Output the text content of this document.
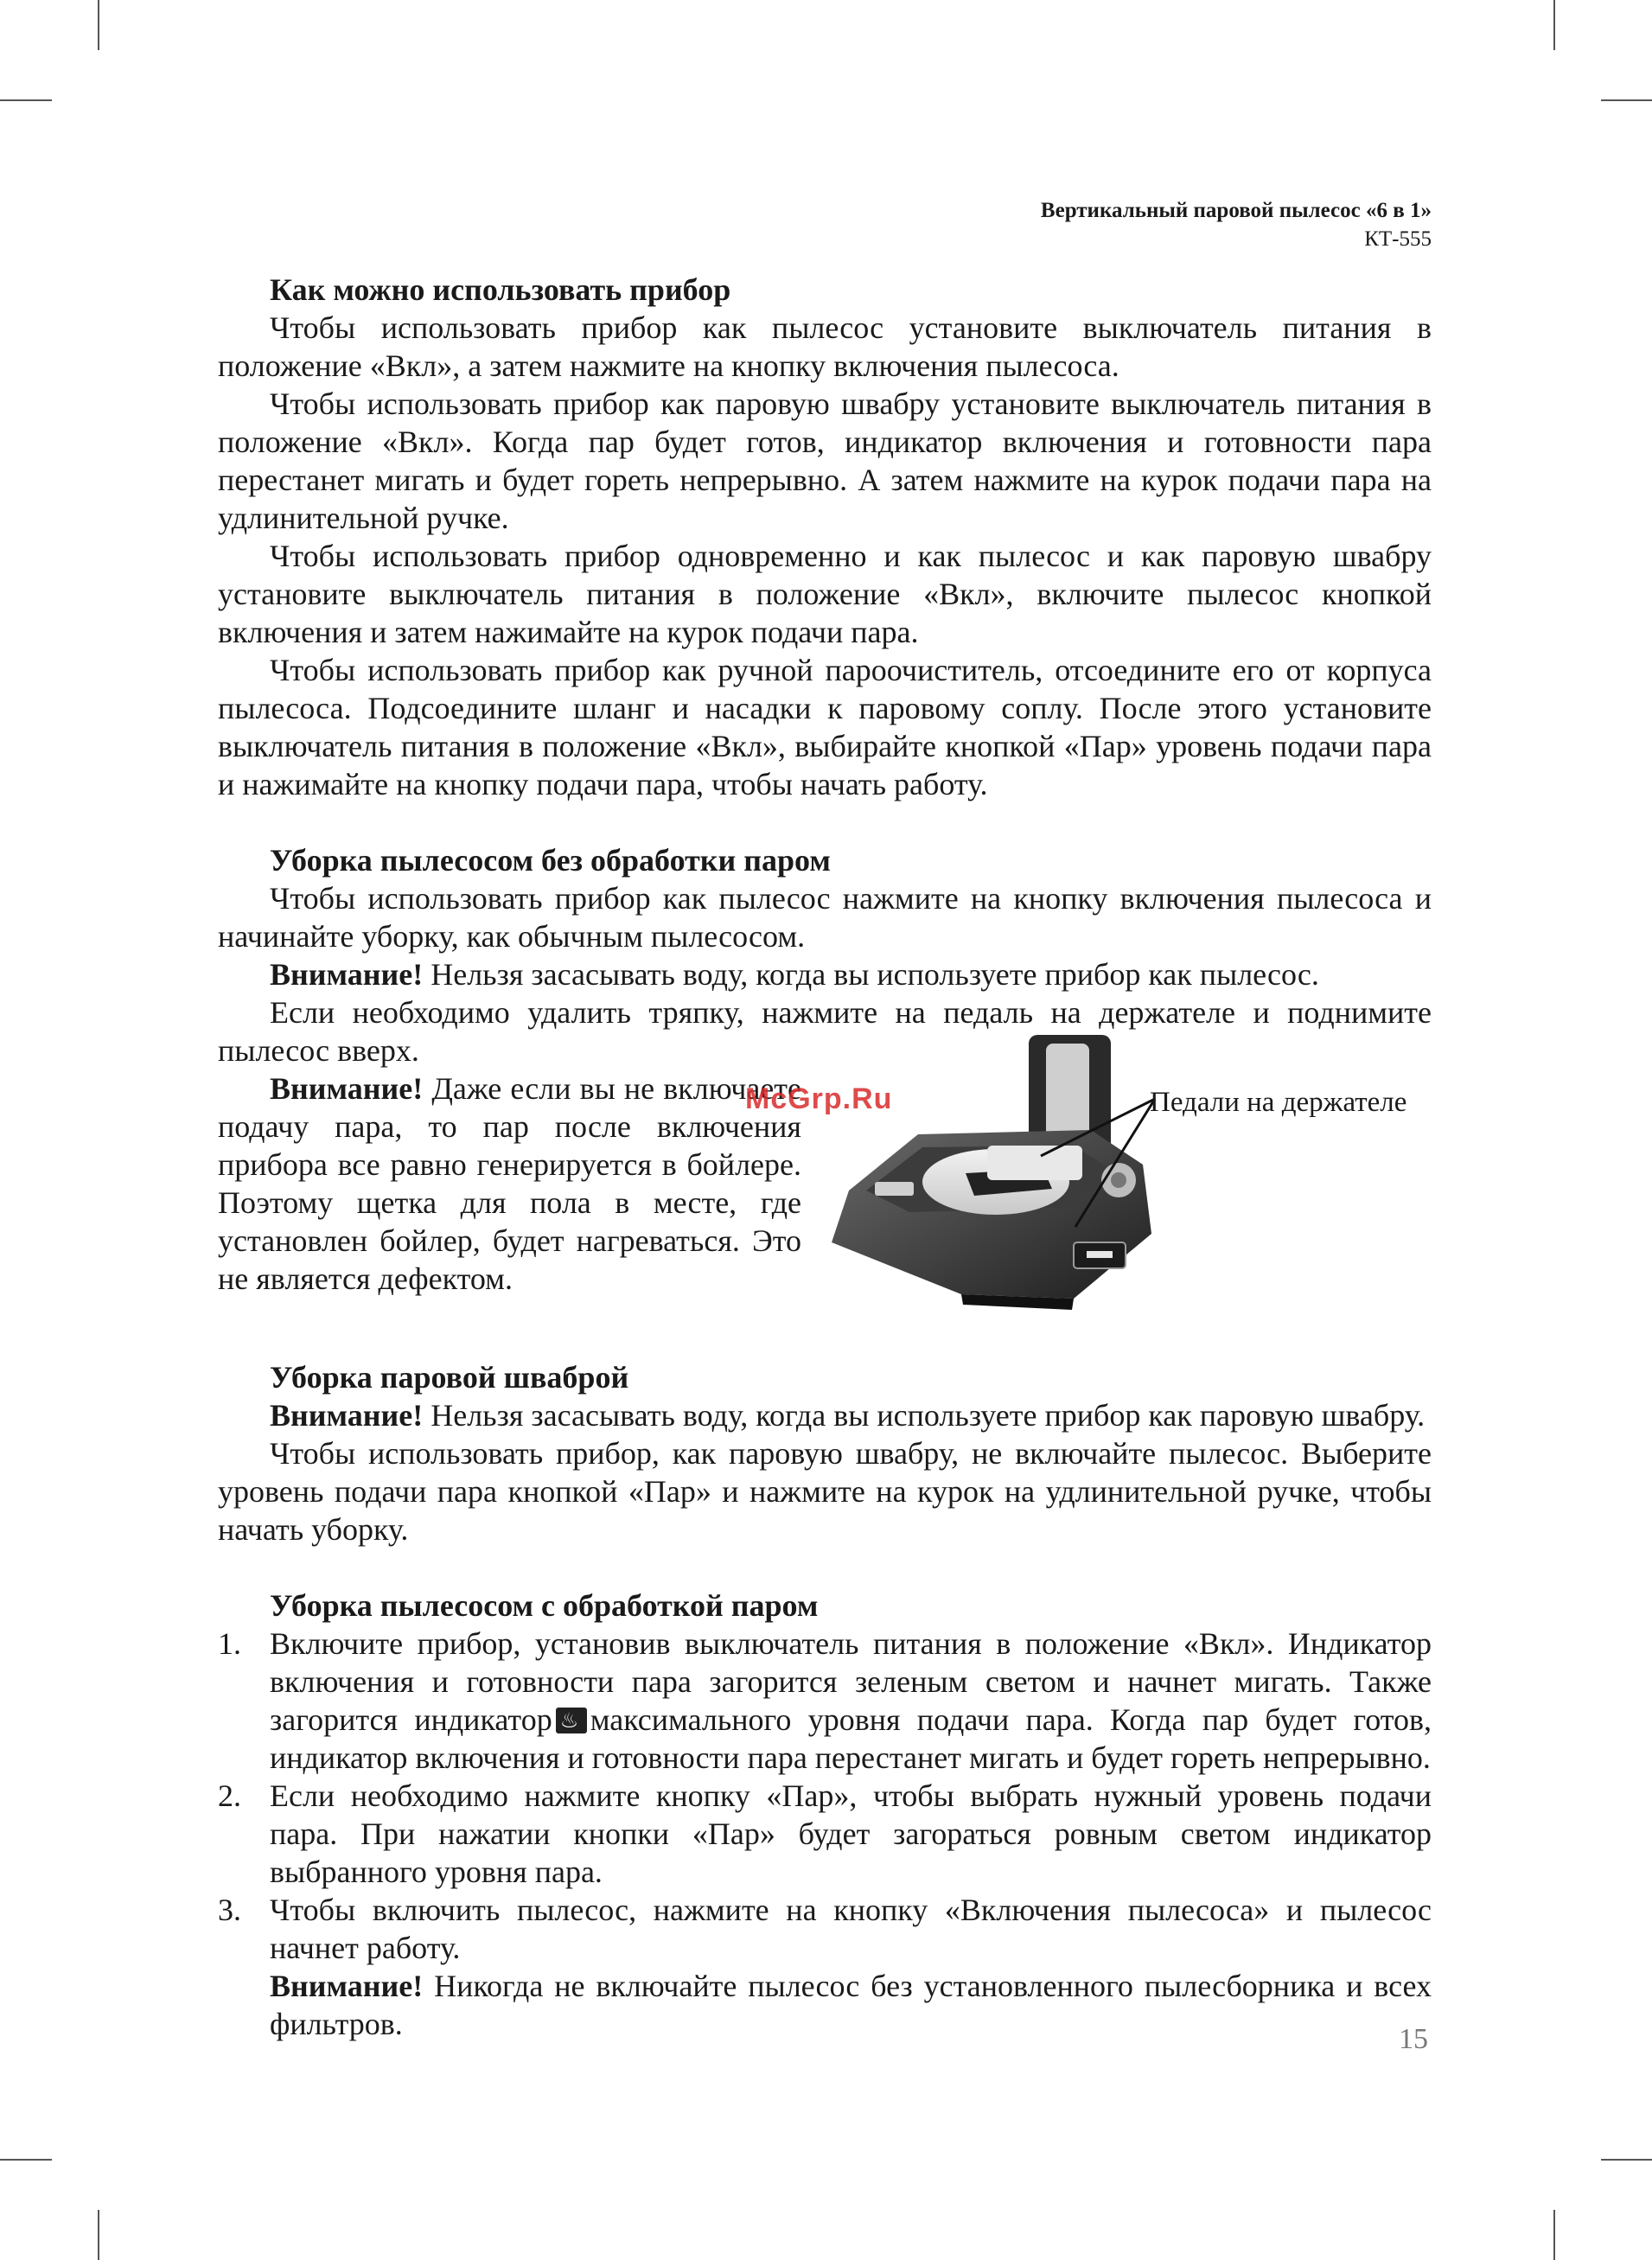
Вертикальный паровой пылесос «6 в 1»
КТ-555
Как можно использовать прибор

Чтобы использовать прибор как пылесос установите выключатель питания в положение «Вкл», а затем нажмите на кнопку включения пылесоса.

Чтобы использовать прибор как паровую швабру установите выключатель питания в положение «Вкл». Когда пар будет готов, индикатор включения и готовности пара перестанет мигать и будет гореть непрерывно. А затем нажмите на курок подачи пара на удлинительной ручке.

Чтобы использовать прибор одновременно и как пылесос и как паровую швабру установите выключатель питания в положение «Вкл», включите пылесос кнопкой включения и затем нажимайте на курок подачи пара.

Чтобы использовать прибор как ручной пароочиститель, отсоедините его от корпуса пылесоса. Подсоедините шланг и насадки к паровому соплу. После этого установите выключатель питания в положение «Вкл», выбирайте кнопкой «Пар» уровень подачи пара и нажимайте на кнопку подачи пара, чтобы начать работу.

Уборка пылесосом без обработки паром

Чтобы использовать прибор как пылесос нажмите на кнопку включения пылесоса и начинайте уборку, как обычным пылесосом.

Внимание! Нельзя засасывать воду, когда вы используете прибор как пылесос.

Если необходимо удалить тряпку, нажмите на педаль на держателе и поднимите пылесос вверх.

Внимание! Даже если вы не включаете подачу пара, то пар после включения прибора все равно генерируется в бойлере. Поэтому щетка для пола в месте, где установлен бойлер, будет нагреваться. Это не является дефектом.

Педали на держателе
McGrp.Ru
Уборка паровой шваброй

Внимание! Нельзя засасывать воду, когда вы используете прибор как паровую швабру.

Чтобы использовать прибор, как паровую швабру, не включайте пылесос. Выберите уровень подачи пара кнопкой «Пар» и нажмите на курок на удлинительной ручке, чтобы начать уборку.

Уборка пылесосом с обработкой паром
1. Включите прибор, установив выключатель питания в положение «Вкл». Индикатор включения и готовности пара загорится зеленым светом и начнет мигать. Также загорится индикатор♨ максимального уровня подачи пара. Когда пар будет готов, индикатор включения и готовности пара перестанет мигать и будет гореть непрерывно.
2. Если необходимо нажмите кнопку «Пар», чтобы выбрать нужный уровень подачи пара. При нажатии кнопки «Пар» будет загораться ровным светом индикатор выбранного уровня пара.
3. Чтобы включить пылесос, нажмите на кнопку «Включения пылесоса» и пылесос начнет работу.
Внимание! Никогда не включайте пылесос без установленного пылесборника и всех фильтров.	15
